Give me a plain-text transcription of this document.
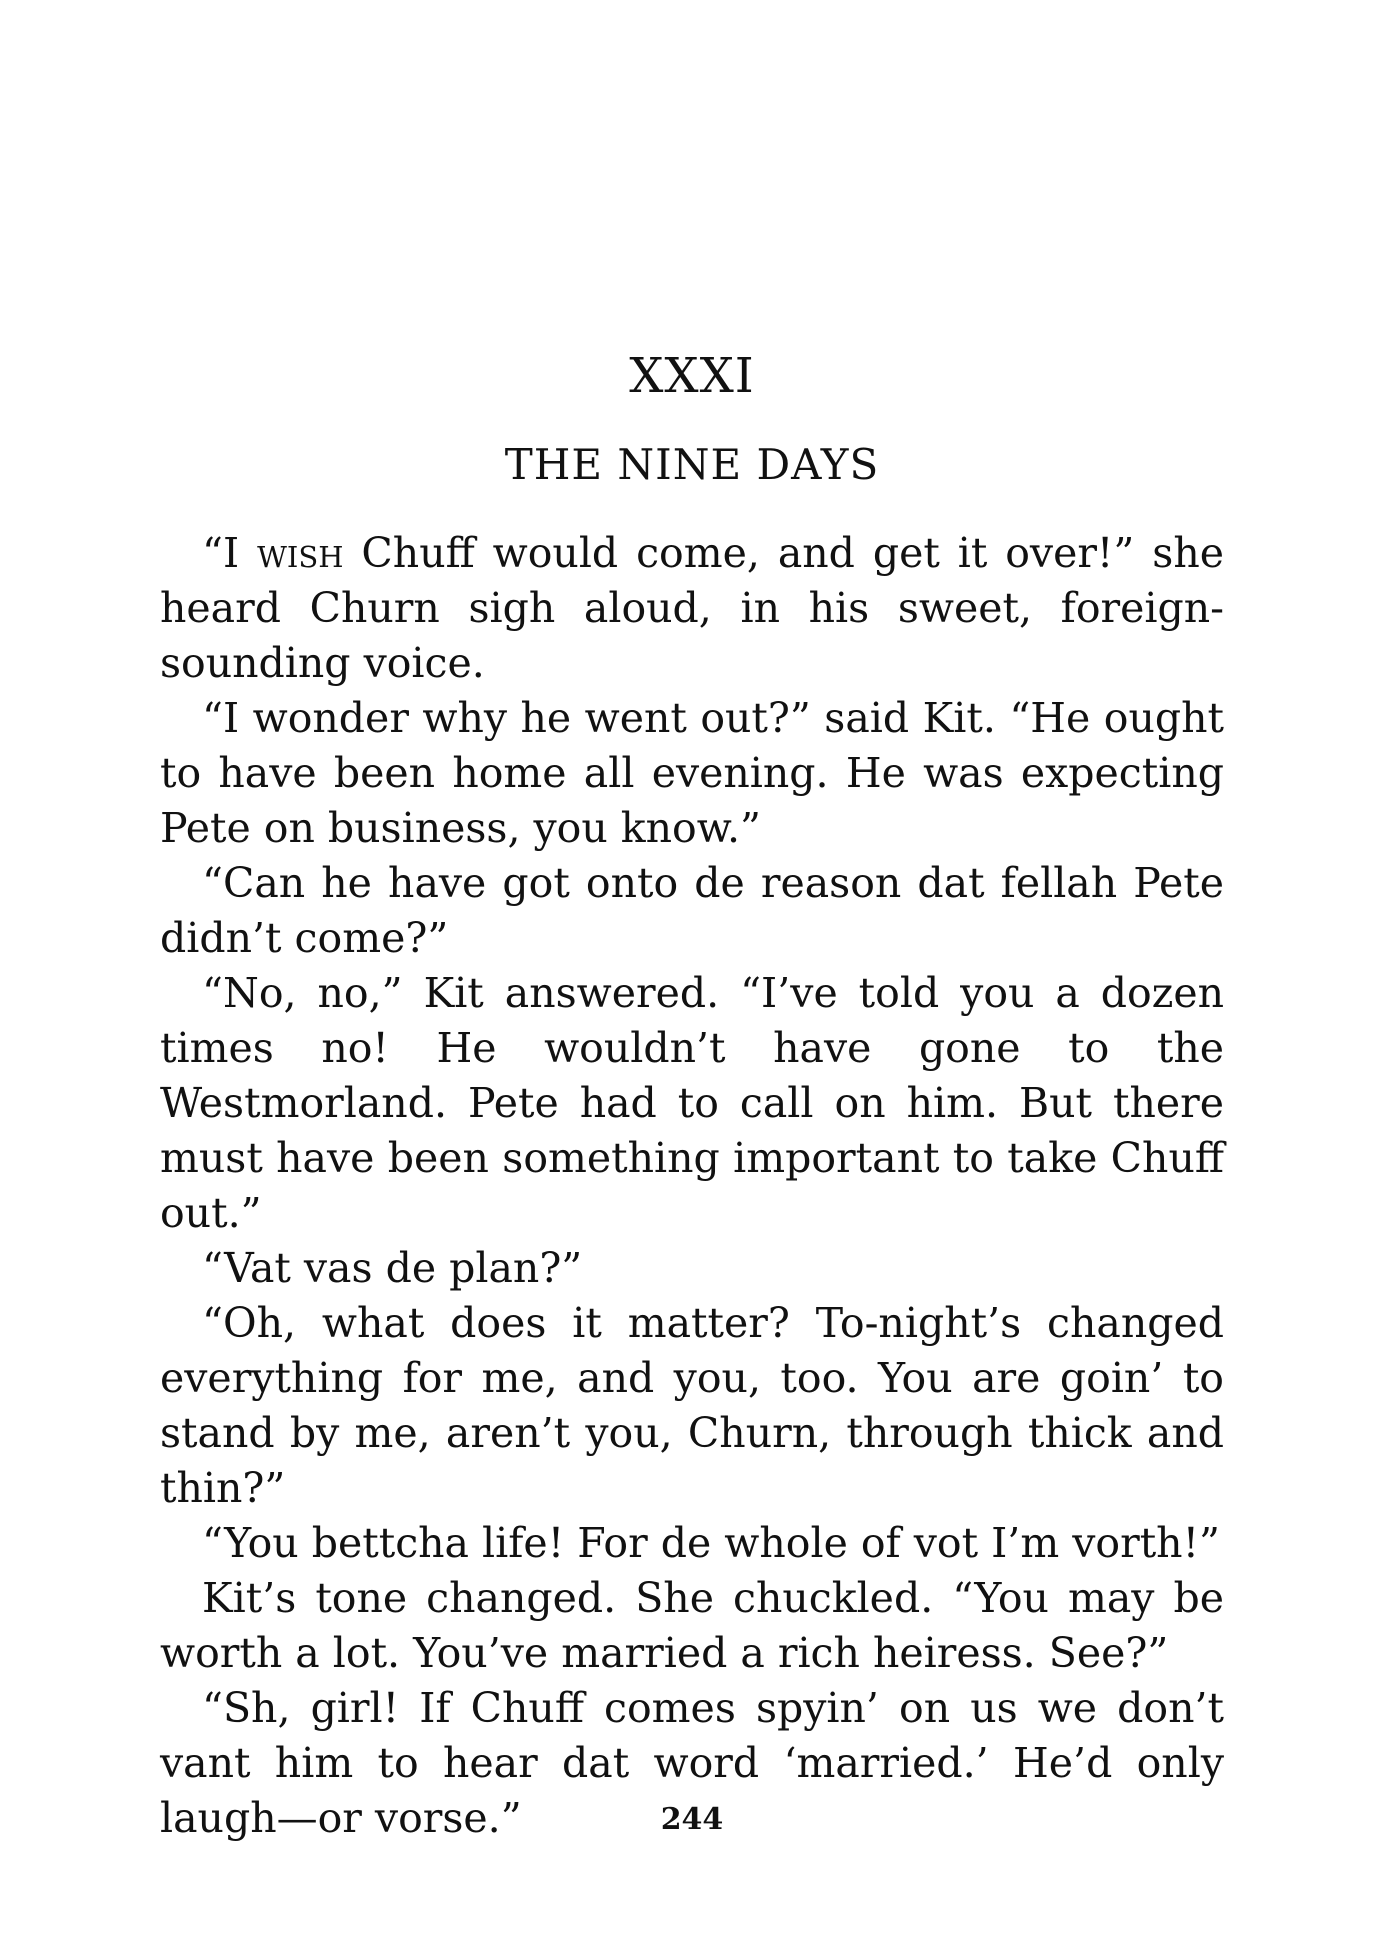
XXXI
THE NINE DAYS

“I wish Chuff would come, and get it over!” she heard Churn sigh aloud, in his sweet, foreign-sounding voice.

“I wonder why he went out?” said Kit. “He ought to have been home all evening. He was expecting Pete on business, you know.”

“Can he have got onto de reason dat fellah Pete didn’t come?”

“No, no,” Kit answered. “I’ve told you a dozen times no! He wouldn’t have gone to the Westmorland. Pete had to call on him. But there must have been something important to take Chuff out.”

“Vat vas de plan?”

“Oh, what does it matter? To-night’s changed everything for me, and you, too. You are goin’ to stand by me, aren’t you, Churn, through thick and thin?”

“You bettcha life! For de whole of vot I’m vorth!”

Kit’s tone changed. She chuckled. “You may be worth a lot. You’ve married a rich heiress. See?”

“Sh, girl! If Chuff comes spyin’ on us we don’t vant him to hear dat word ‘married.’ He’d only laugh—or vorse.”	244
